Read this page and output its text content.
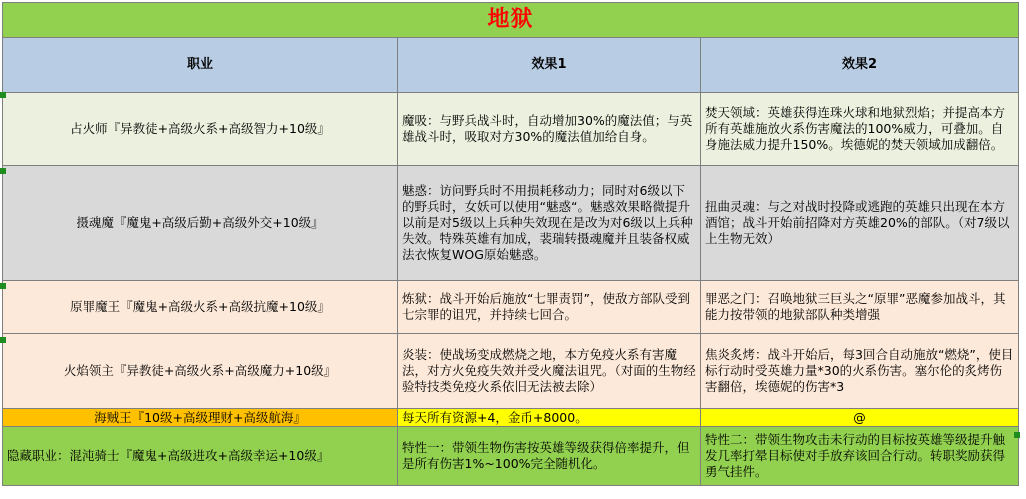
地狱		
职业	效果1	效果2
占火师『异教徒+高级火系+高级智力+10级』	魔吸：与野兵战斗时，自动增加30%的魔法值；与英雄战斗时，吸取对方30%的魔法值加给自身。	焚天领域：英雄获得连珠火球和地狱烈焰；并提高本方所有英雄施放火系伤害魔法的100%威力，可叠加。自身施法威力提升150%。埃德妮的焚天领域加成翻倍。
摄魂魔『魔鬼+高级后勤+高级外交+10级』	魅惑：访问野兵时不用损耗移动力；同时对6级以下的野兵时，女妖可以使用“魅惑“。魅惑效果略微提升以前是对5级以上兵种失效现在是改为对6级以上兵种失效。特殊英雄有加成，裴瑞转摄魂魔并且装备权威法衣恢复WOG原始魅惑。	扭曲灵魂：与之对战时投降或逃跑的英雄只出现在本方酒馆；战斗开始前招降对方英雄20%的部队。（对7级以上生物无效）
原罪魔王『魔鬼+高级火系+高级抗魔+10级』	炼狱：战斗开始后施放“七罪责罚”，使敌方部队受到七宗罪的诅咒，并持续七回合。	罪恶之门：召唤地狱三巨头之“原罪”恶魔参加战斗，其能力按带领的地狱部队种类增强
火焰领主『异教徒+高级火系+高级魔力+10级』	炎装：使战场变成燃烧之地，本方免疫火系有害魔法，对方火免疫失效并受火魔法诅咒。（对面的生物经验特技类免疫火系依旧无法被去除）	焦炎炙烤：战斗开始后，每3回合自动施放“燃烧”，使目标行动时受英雄力量*30的火系伤害。塞尔伦的炙烤伤害翻倍，埃德妮的伤害*3
海贼王『10级+高级理财+高级航海』	每天所有资源+4，金币+8000。	@
隐藏职业：混沌骑士『魔鬼+高级进攻+高级幸运+10级』	特性一：带领生物伤害按英雄等级获得倍率提升，但是所有伤害1%~100%完全随机化。	特性二：带领生物攻击未行动的目标按英雄等级提升触发几率打晕目标使对手放弃该回合行动。转职奖励获得勇气挂件。
